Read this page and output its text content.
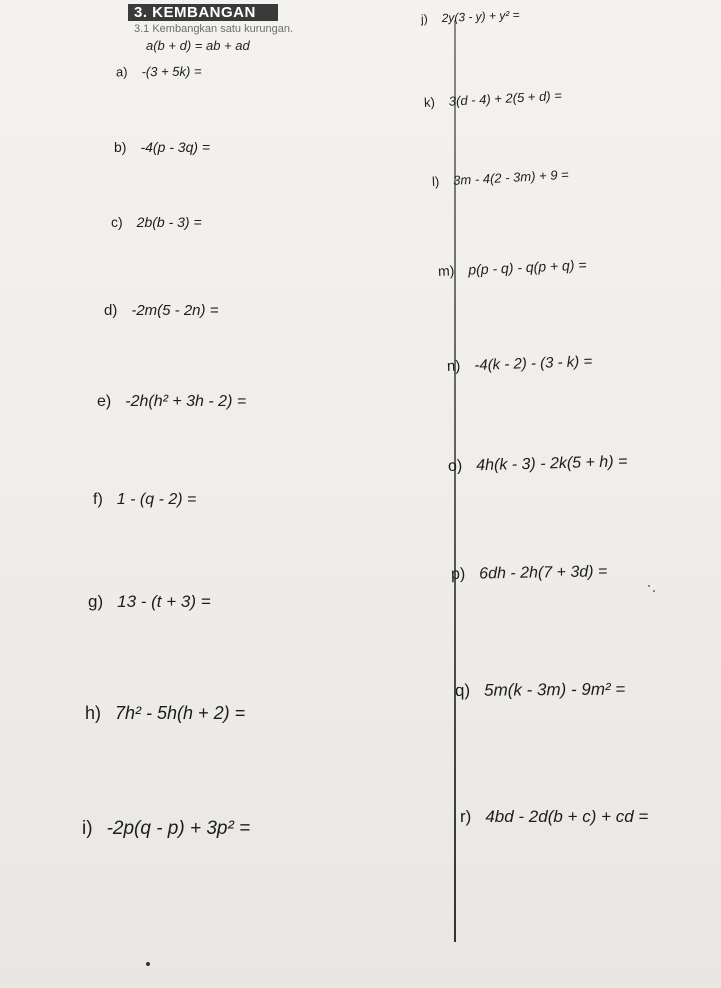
3. KEMBANGAN
3.1 Kembangkan satu kurungan.
a(b + d) = ab + ad
a) -(3 + 5k) =
b) -4(p - 3q) =
c) 2b(b - 3) =
d) -2m(5 - 2n) =
e) -2h(h² + 3h - 2) =
f) 1 - (q - 2) =
g) 13 - (t + 3) =
h) 7h² - 5h(h + 2) =
i) -2p(q - p) + 3p² =
j) 2y(3 - y) + y² =
k) 3(d - 4) + 2(5 + d) =
l) 3m - 4(2 - 3m) + 9 =
m) p(p - q) - q(p + q) =
n) -4(k - 2) - (3 - k) =
o) 4h(k - 3) - 2k(5 + h) =
p) 6dh - 2h(7 + 3d) =
q) 5m(k - 3m) - 9m² =
r) 4bd - 2d(b + c) + cd =
